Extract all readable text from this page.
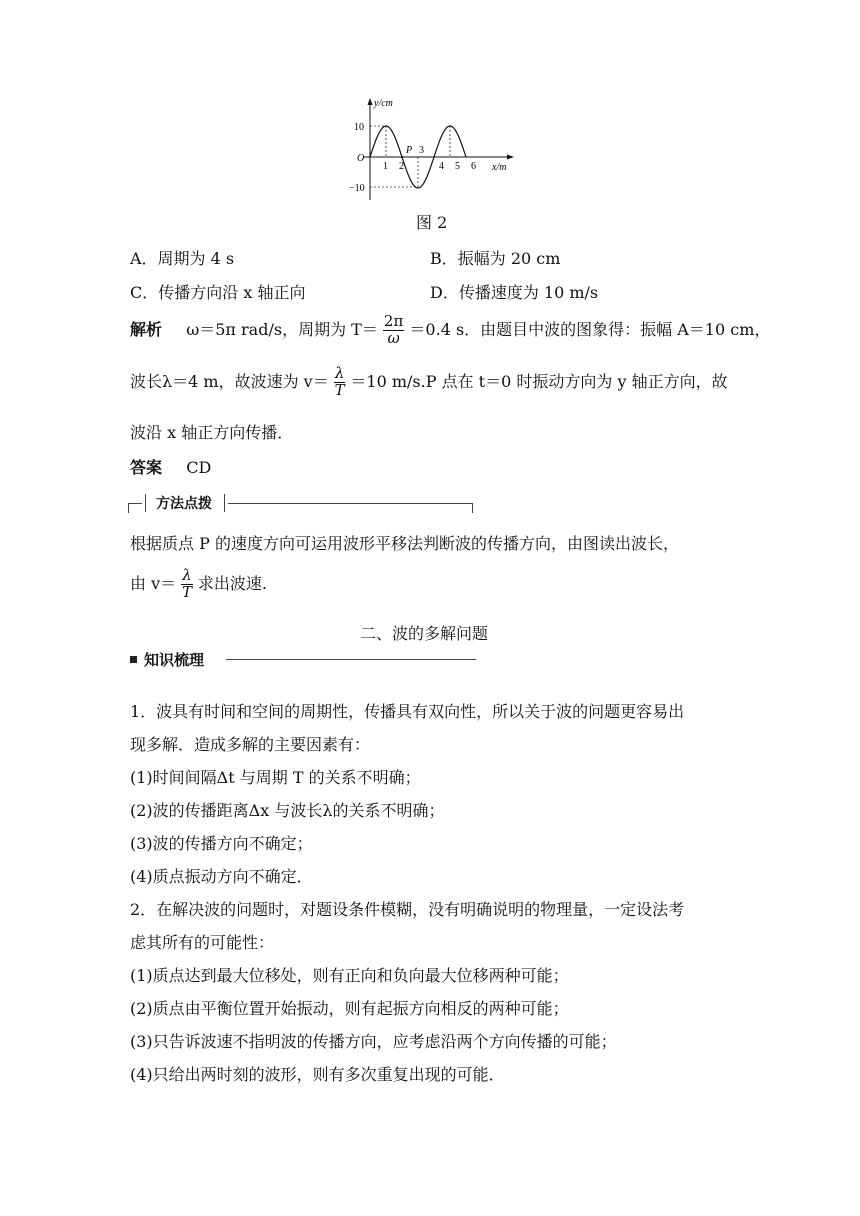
y/cm
x/m
O
10
−10
1 2
3
4 5 6
P
图 2
A．周期为 4 s	B．振幅为 20 cm
C．传播方向沿 x 轴正向	D．传播速度为 10 m/s
解析 ω＝5π rad/s，周期为 $T= \frac{2\pi}{\omega} =0.4$ s．由题目中波的图象得：振幅 A＝10 cm，
波长λ＝4 m，故波速为 $v= \frac{\lambda}{T} =10$ m/s.P 点在 t＝0 时振动方向为 y 轴正方向，故
波沿 x 轴正方向传播．
答案 CD
方法点拨
根据质点 P 的速度方向可运用波形平移法判断波的传播方向，由图读出波长，
由 $v= \frac{\lambda}{T}$ 求出波速.
二、波的多解问题
知识梳理
1．波具有时间和空间的周期性，传播具有双向性，所以关于波的问题更容易出
现多解．造成多解的主要因素有：
(1)时间间隔Δt 与周期 T 的关系不明确；
(2)波的传播距离Δx 与波长λ的关系不明确；
(3)波的传播方向不确定；
(4)质点振动方向不确定．
2．在解决波的问题时，对题设条件模糊，没有明确说明的物理量，一定设法考
虑其所有的可能性：
(1)质点达到最大位移处，则有正向和负向最大位移两种可能；
(2)质点由平衡位置开始振动，则有起振方向相反的两种可能；
(3)只告诉波速不指明波的传播方向，应考虑沿两个方向传播的可能；
(4)只给出两时刻的波形，则有多次重复出现的可能．
